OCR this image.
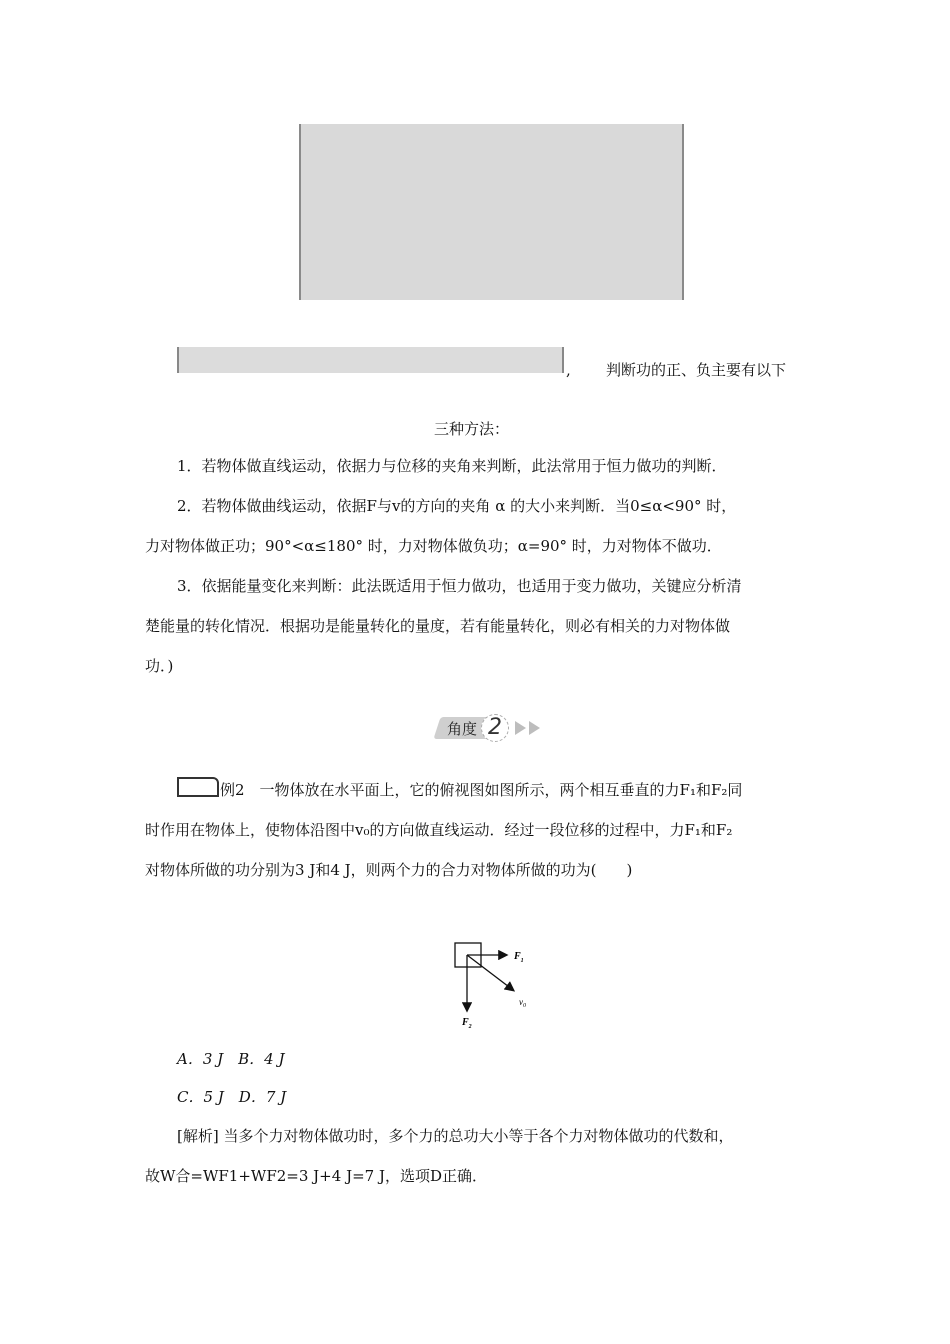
, 判断功的正、负主要有以下
三种方法：
1．若物体做直线运动，依据力与位移的夹角来判断，此法常用于恒力做功的判断．
2．若物体做曲线运动，依据F与v的方向的夹角 α 的大小来判断．当0≤α<90° 时，
力对物体做正功；90°<α≤180° 时，力对物体做负功；α=90° 时，力对物体不做功．
3．依据能量变化来判断：此法既适用于恒力做功，也适用于变力做功，关键应分析清
楚能量的转化情况．根据功是能量转化的量度，若有能量转化，则必有相关的力对物体做
功．)
角度 2
例2　一物体放在水平面上，它的俯视图如图所示，两个相互垂直的力F₁和F₂同
时作用在物体上，使物体沿图中v₀的方向做直线运动．经过一段位移的过程中，力F₁和F₂
对物体所做的功分别为3 J和4 J，则两个力的合力对物体所做的功为(　　)
$F_1$
$F_2$
$v_0$
A．3 J　B．4 J
C．5 J　D．7 J
[解析] 当多个力对物体做功时，多个力的总功大小等于各个力对物体做功的代数和，
故W合=WF1+WF2=3 J+4 J=7 J，选项D正确．
